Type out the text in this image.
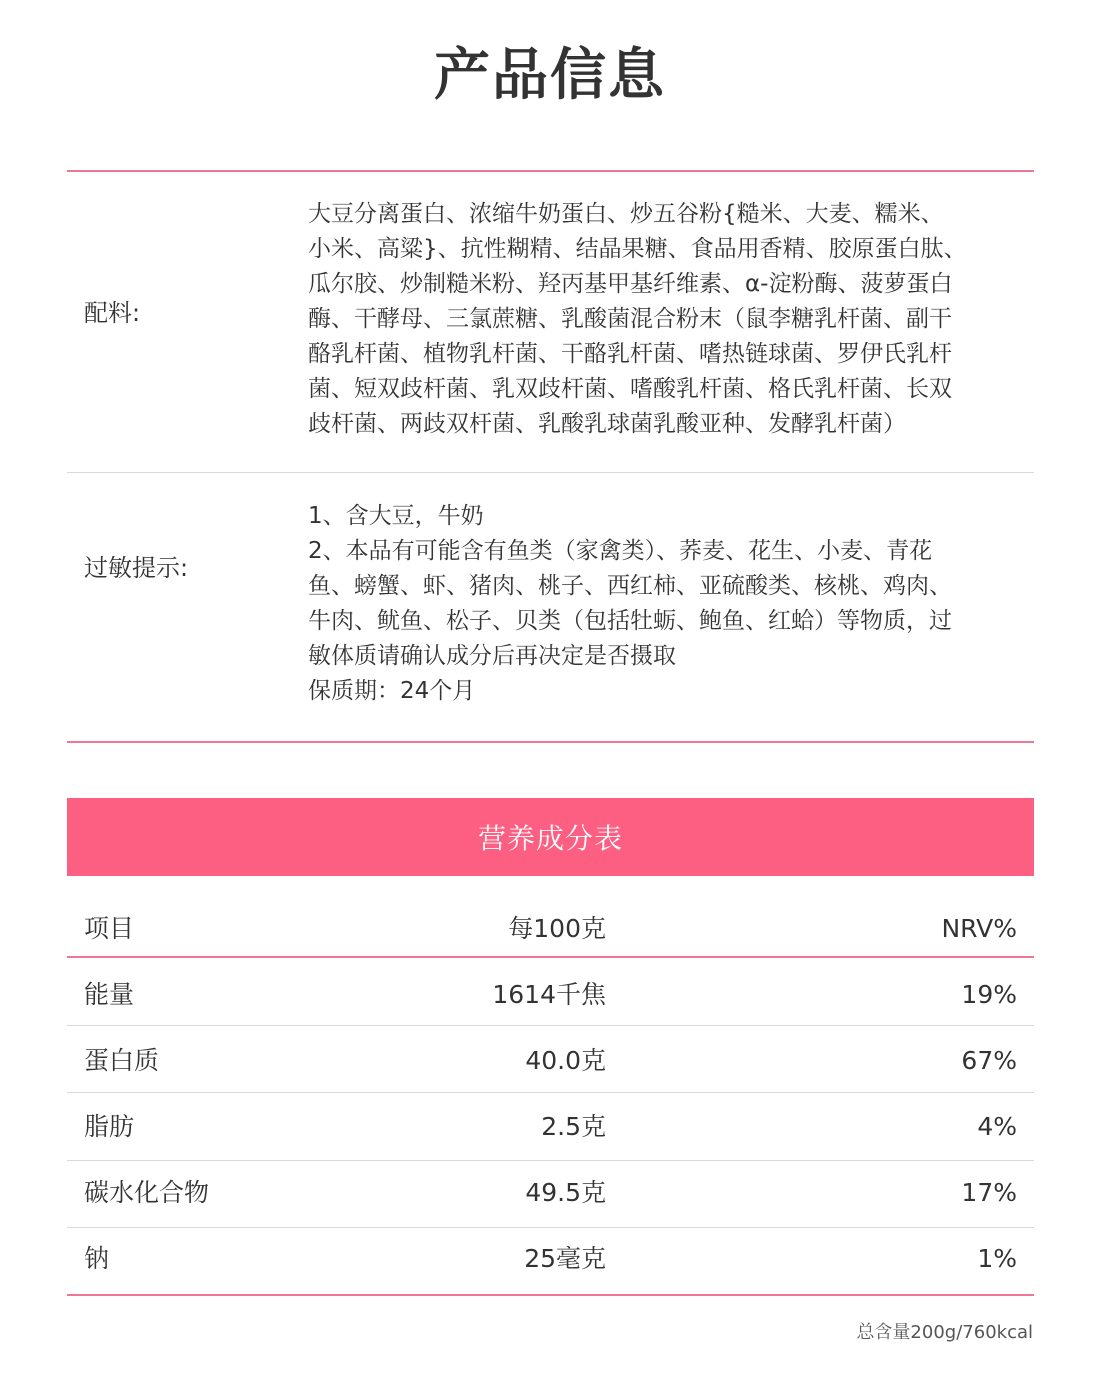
产品信息
配料:
大豆分离蛋白、浓缩牛奶蛋白、炒五谷粉{糙米、大麦、糯米、
小米、高粱}、抗性糊精、结晶果糖、食品用香精、胶原蛋白肽、
瓜尔胶、炒制糙米粉、羟丙基甲基纤维素、α-淀粉酶、菠萝蛋白
酶、干酵母、三氯蔗糖、乳酸菌混合粉末（鼠李糖乳杆菌、副干
酪乳杆菌、植物乳杆菌、干酪乳杆菌、嗜热链球菌、罗伊氏乳杆
菌、短双歧杆菌、乳双歧杆菌、嗜酸乳杆菌、格氏乳杆菌、长双
歧杆菌、两歧双杆菌、乳酸乳球菌乳酸亚种、发酵乳杆菌）
过敏提示:
1、含大豆，牛奶
2、本品有可能含有鱼类（家禽类）、荞麦、花生、小麦、青花
鱼、螃蟹、虾、猪肉、桃子、西红柿、亚硫酸类、核桃、鸡肉、
牛肉、鱿鱼、松子、贝类（包括牡蛎、鲍鱼、红蛤）等物质，过
敏体质请确认成分后再决定是否摄取
保质期：24个月
营养成分表
项目	每100克	NRV%
能量	1614千焦	19%
蛋白质	40.0克	67%
脂肪	2.5克	4%
碳水化合物	49.5克	17%
钠	25毫克	1%
总含量200g/760kcal
